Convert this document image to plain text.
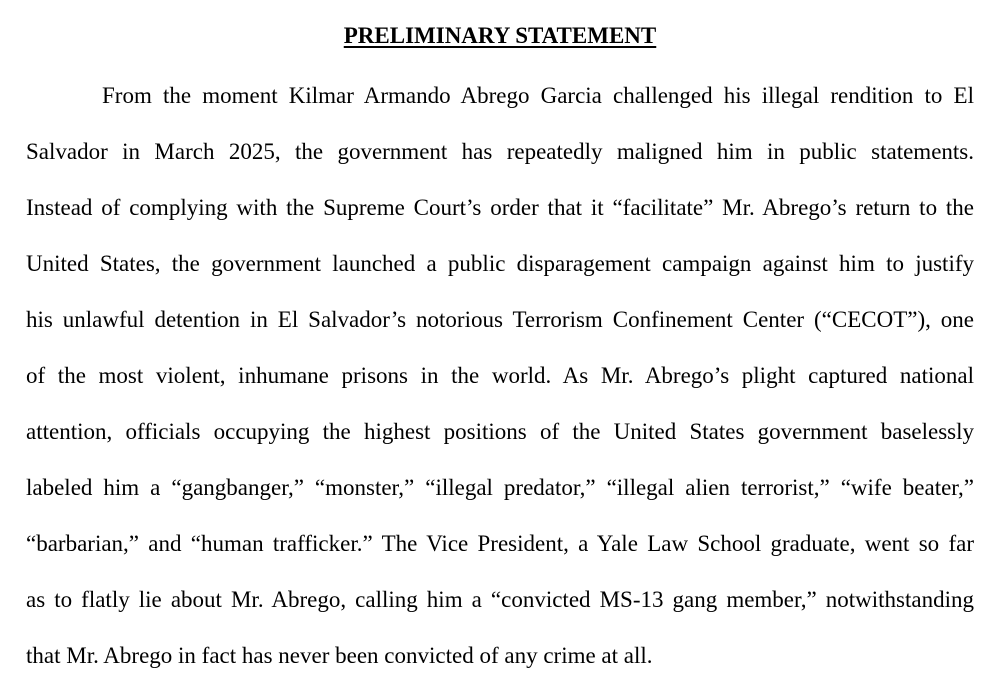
PRELIMINARY STATEMENT
From the moment Kilmar Armando Abrego Garcia challenged his illegal rendition to El
Salvador in March 2025, the government has repeatedly maligned him in public statements.
Instead of complying with the Supreme Court’s order that it “facilitate” Mr. Abrego’s return to the
United States, the government launched a public disparagement campaign against him to justify
his unlawful detention in El Salvador’s notorious Terrorism Confinement Center (“CECOT”), one
of the most violent, inhumane prisons in the world. As Mr. Abrego’s plight captured national
attention, officials occupying the highest positions of the United States government baselessly
labeled him a “gangbanger,” “monster,” “illegal predator,” “illegal alien terrorist,” “wife beater,”
“barbarian,” and “human trafficker.” The Vice President, a Yale Law School graduate, went so far
as to flatly lie about Mr. Abrego, calling him a “convicted MS-13 gang member,” notwithstanding
that Mr. Abrego in fact has never been convicted of any crime at all.
